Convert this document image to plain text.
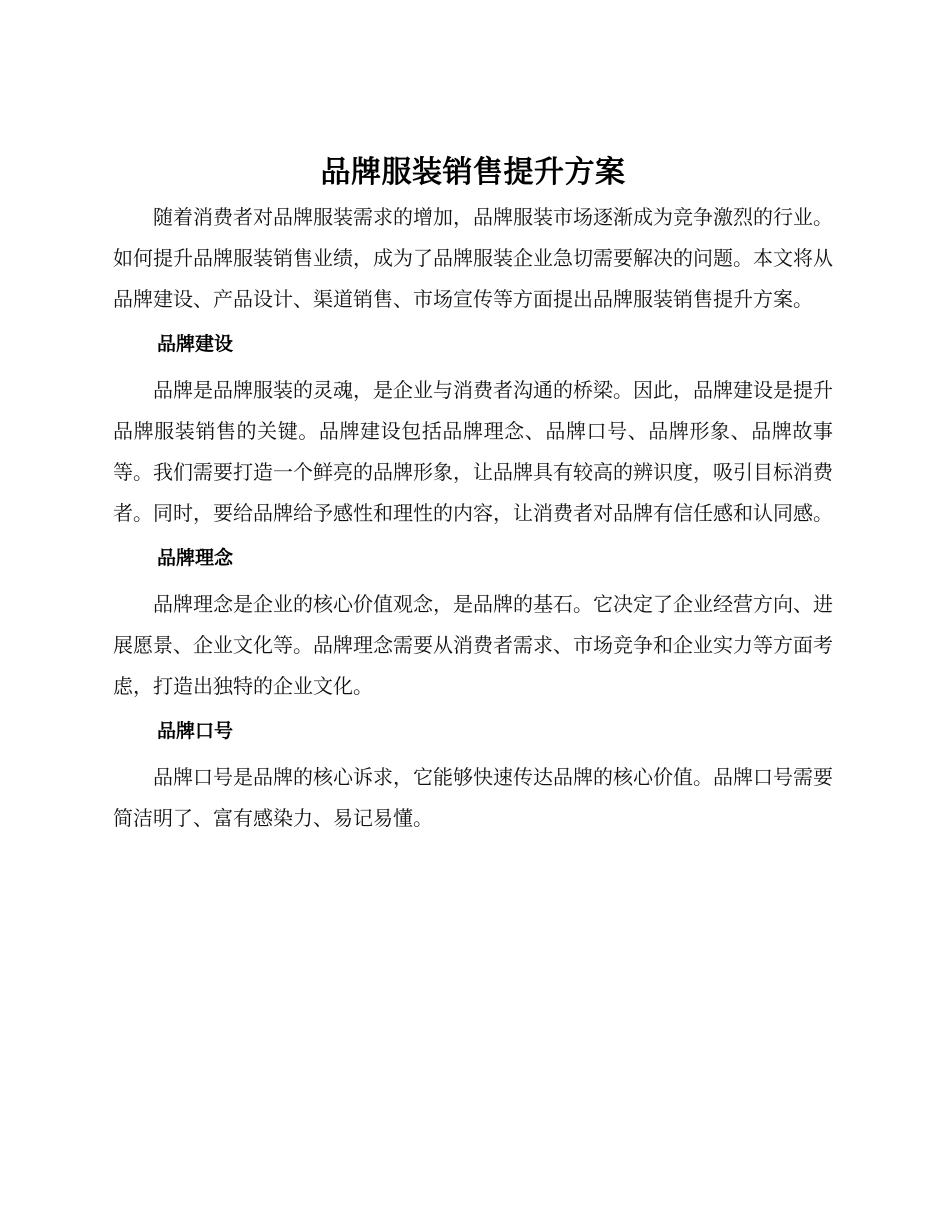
品牌服装销售提升方案

随着消费者对品牌服装需求的增加，品牌服装市场逐渐成为竞争激烈的行业。如何提升品牌服装销售业绩，成为了品牌服装企业急切需要解决的问题。本文将从品牌建设、产品设计、渠道销售、市场宣传等方面提出品牌服装销售提升方案。

品牌建设

品牌是品牌服装的灵魂，是企业与消费者沟通的桥梁。因此，品牌建设是提升品牌服装销售的关键。品牌建设包括品牌理念、品牌口号、品牌形象、品牌故事等。我们需要打造一个鲜亮的品牌形象，让品牌具有较高的辨识度，吸引目标消费者。同时，要给品牌给予感性和理性的内容，让消费者对品牌有信任感和认同感。

品牌理念

品牌理念是企业的核心价值观念，是品牌的基石。它决定了企业经营方向、进展愿景、企业文化等。品牌理念需要从消费者需求、市场竞争和企业实力等方面考虑，打造出独特的企业文化。

品牌口号

品牌口号是品牌的核心诉求，它能够快速传达品牌的核心价值。品牌口号需要简洁明了、富有感染力、易记易懂。
